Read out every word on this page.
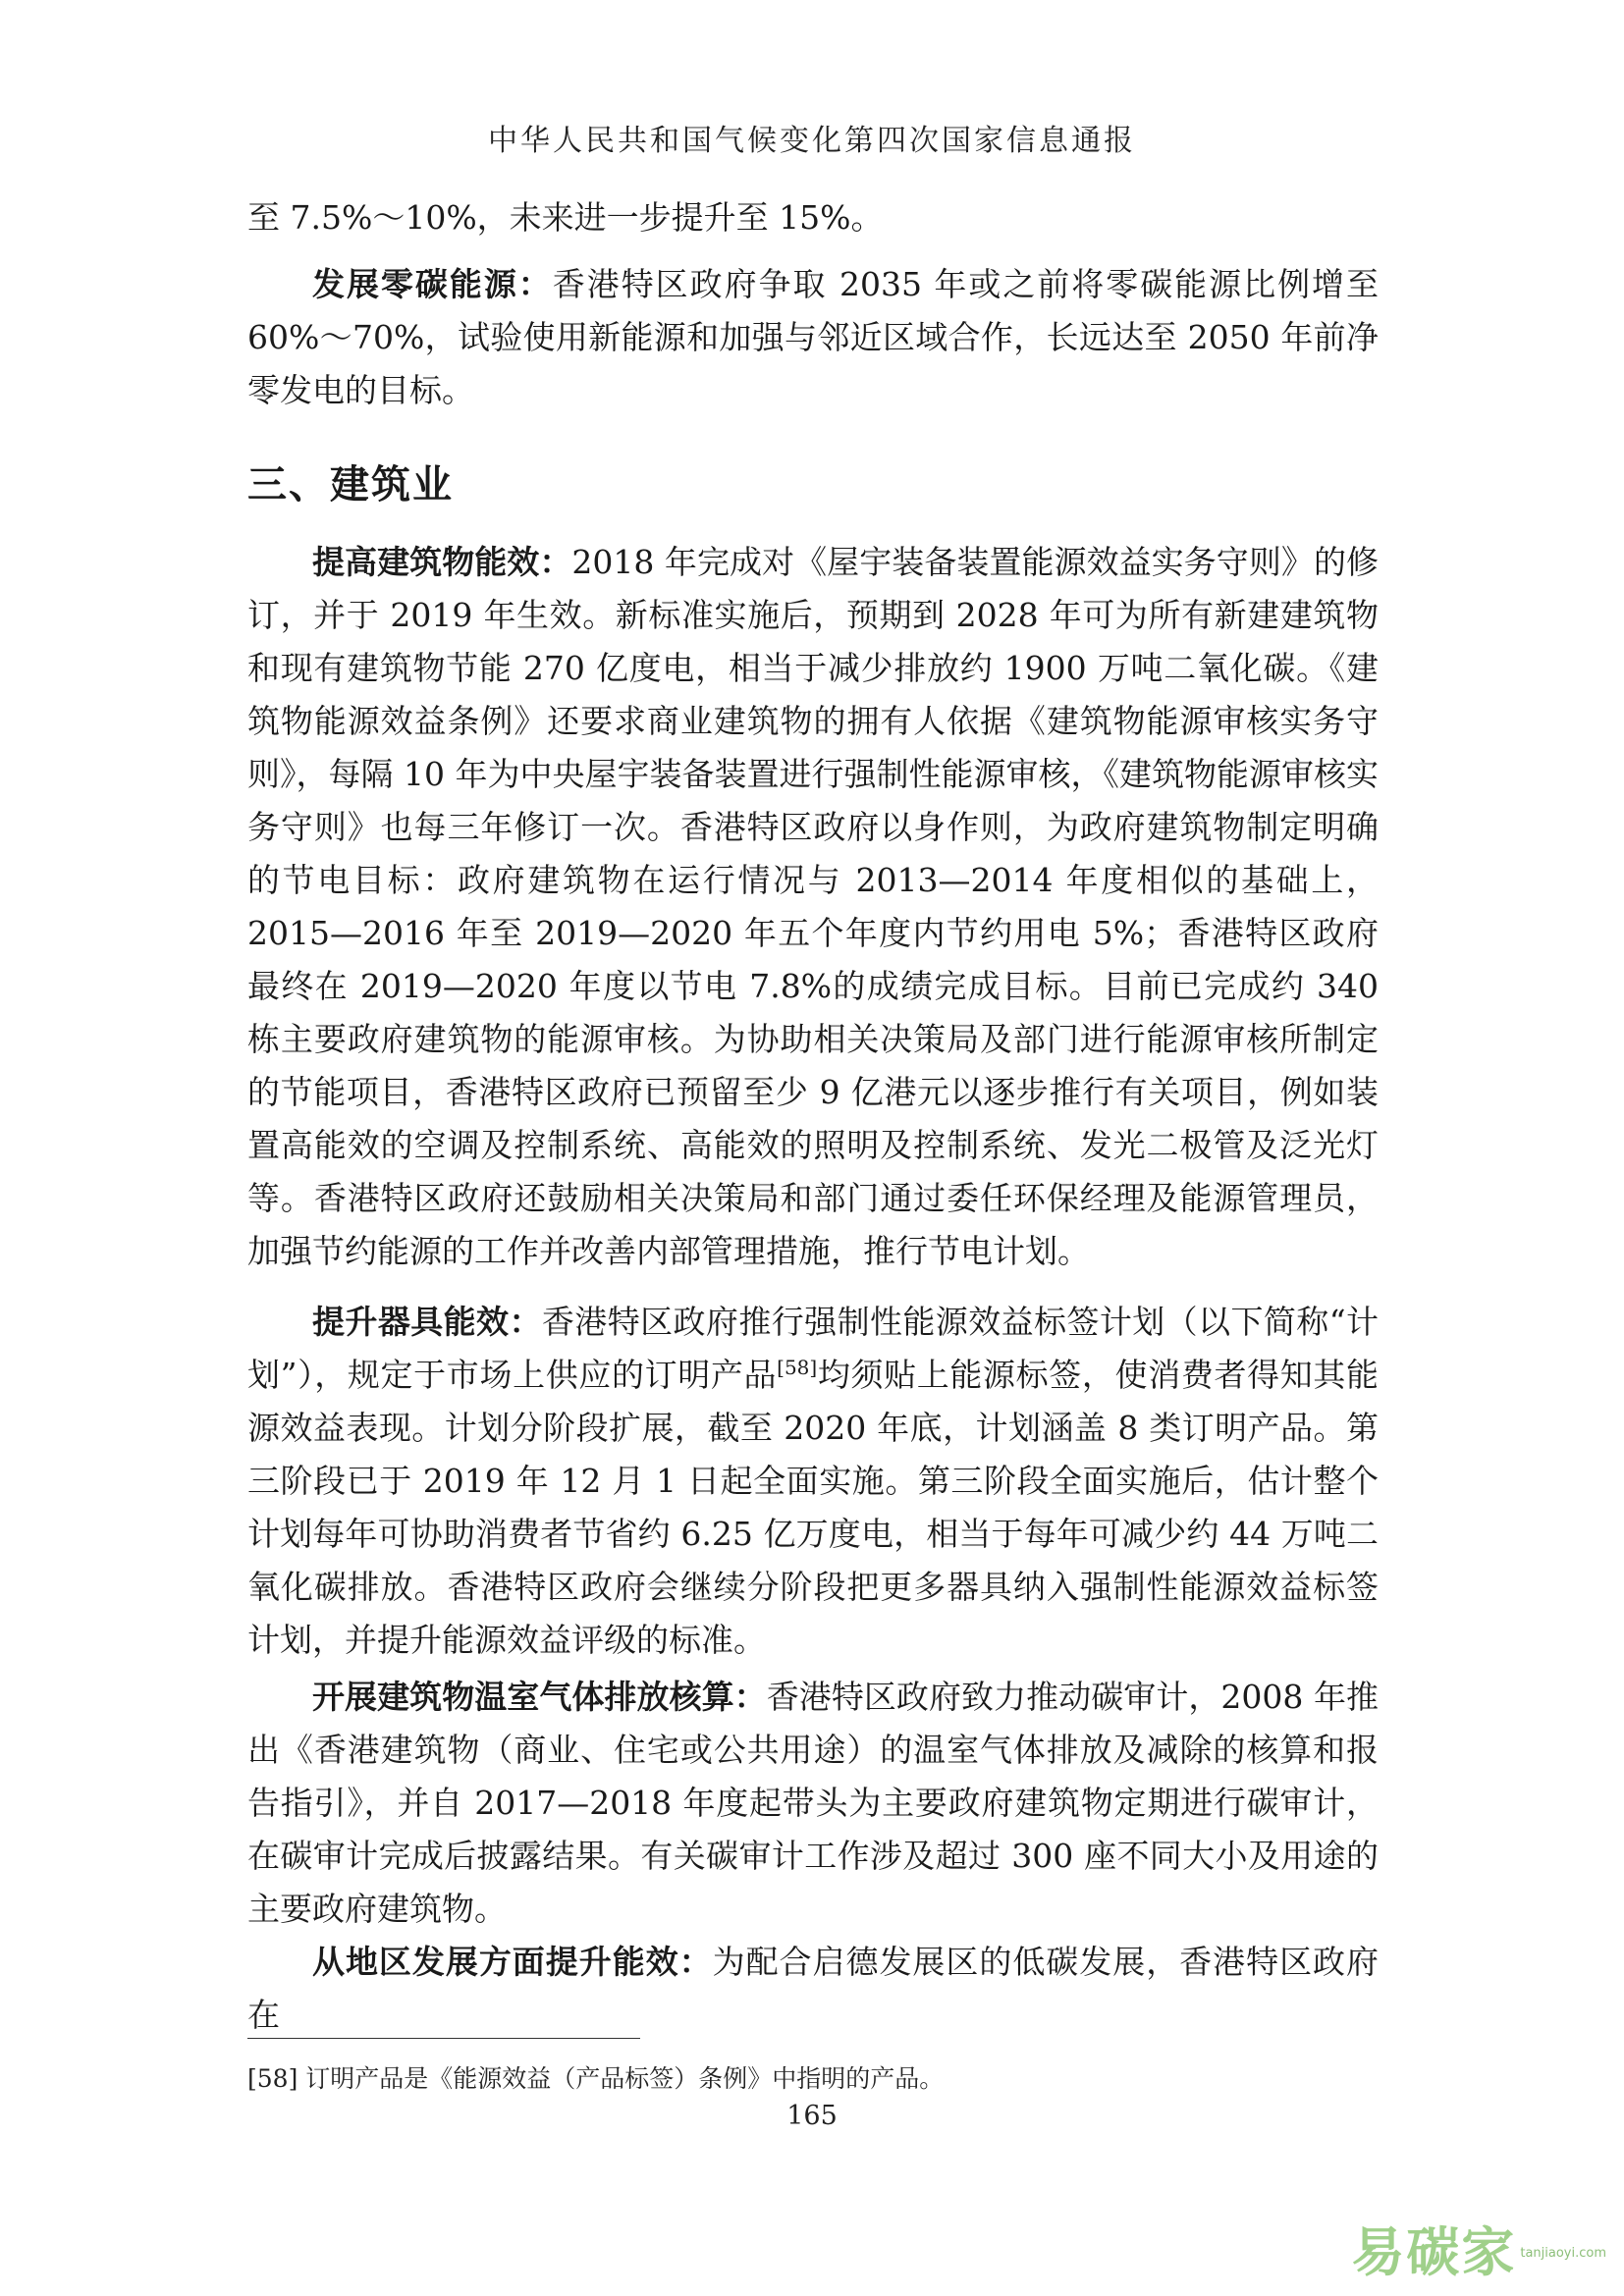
中华人民共和国气候变化第四次国家信息通报

至 7.5%～10%，未来进一步提升至 15%。

发展零碳能源：香港特区政府争取 2035 年或之前将零碳能源比例增至 60%～70%，试验使用新能源和加强与邻近区域合作，长远达至 2050 年前净零发电的目标。

三、建筑业

提高建筑物能效：2018 年完成对《屋宇装备装置能源效益实务守则》的修订，并于 2019 年生效。新标准实施后，预期到 2028 年可为所有新建建筑物和现有建筑物节能 270 亿度电，相当于减少排放约 1900 万吨二氧化碳。《建筑物能源效益条例》还要求商业建筑物的拥有人依据《建筑物能源审核实务守则》，每隔 10 年为中央屋宇装备装置进行强制性能源审核，《建筑物能源审核实务守则》也每三年修订一次。香港特区政府以身作则，为政府建筑物制定明确的节电目标：政府建筑物在运行情况与 2013—2014 年度相似的基础上，2015—2016 年至 2019—2020 年五个年度内节约用电 5%；香港特区政府最终在 2019—2020 年度以节电 7.8%的成绩完成目标。目前已完成约 340 栋主要政府建筑物的能源审核。为协助相关决策局及部门进行能源审核所制定的节能项目，香港特区政府已预留至少 9 亿港元以逐步推行有关项目，例如装置高能效的空调及控制系统、高能效的照明及控制系统、发光二极管及泛光灯等。香港特区政府还鼓励相关决策局和部门通过委任环保经理及能源管理员，加强节约能源的工作并改善内部管理措施，推行节电计划。

提升器具能效：香港特区政府推行强制性能源效益标签计划（以下简称“计划”），规定于市场上供应的订明产品[58]均须贴上能源标签，使消费者得知其能源效益表现。计划分阶段扩展，截至 2020 年底，计划涵盖 8 类订明产品。第三阶段已于 2019 年 12 月 1 日起全面实施。第三阶段全面实施后，估计整个计划每年可协助消费者节省约 6.25 亿万度电，相当于每年可减少约 44 万吨二氧化碳排放。香港特区政府会继续分阶段把更多器具纳入强制性能源效益标签计划，并提升能源效益评级的标准。

开展建筑物温室气体排放核算：香港特区政府致力推动碳审计，2008 年推出《香港建筑物（商业、住宅或公共用途）的温室气体排放及减除的核算和报告指引》，并自 2017—2018 年度起带头为主要政府建筑物定期进行碳审计，在碳审计完成后披露结果。有关碳审计工作涉及超过 300 座不同大小及用途的主要政府建筑物。

从地区发展方面提升能效：为配合启德发展区的低碳发展，香港特区政府在

[58] 订明产品是《能源效益（产品标签）条例》中指明的产品。
165
易碳家 tanjiaoyi.com
